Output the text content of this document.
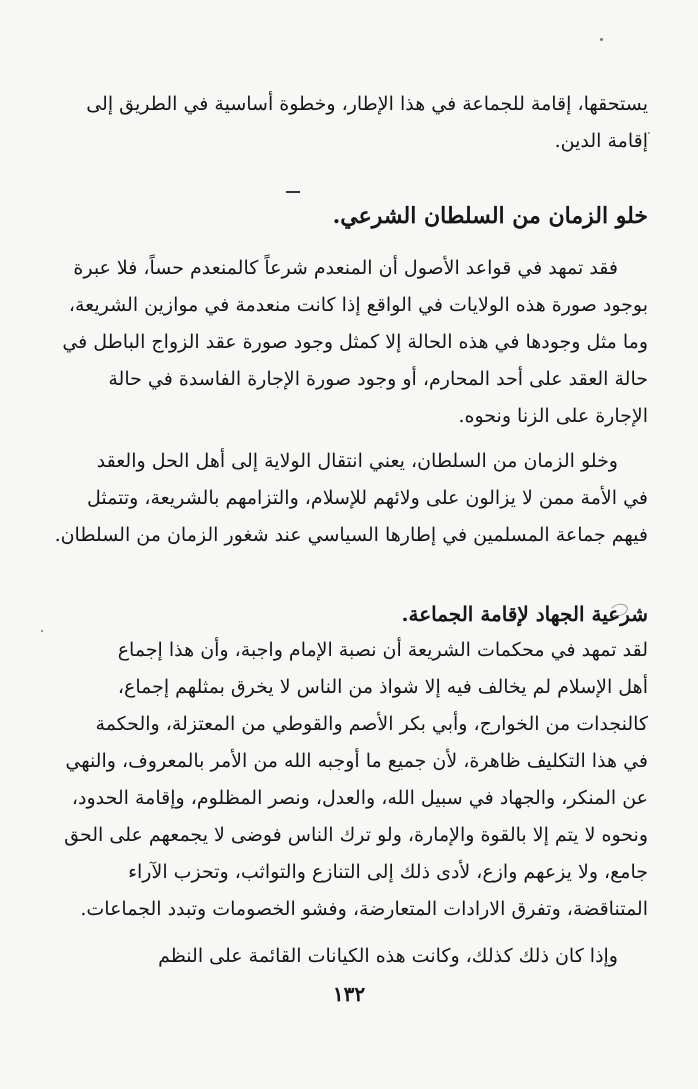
يستحقها، إقامة للجماعة في هذا الإطار، وخطوة أساسية في الطريق إلى

إقامة الدين.

خلو الزمان من السلطان الشرعي.

فقد تمهد في قواعد الأصول أن المنعدم شرعاً كالمنعدم حساً، فلا عبرة

بوجود صورة هذه الولايات في الواقع إذا كانت منعدمة في موازين الشريعة،

وما مثل وجودها في هذه الحالة إلا كمثل وجود صورة عقد الزواج الباطل في

حالة العقد على أحد المحارم، أو وجود صورة الإجارة الفاسدة في حالة

الإجارة على الزنا ونحوه.

وخلو الزمان من السلطان، يعني انتقال الولاية إلى أهل الحل والعقد

في الأمة ممن لا يزالون على ولائهم للإسلام، والتزامهم بالشريعة، وتتمثل

فيهم جماعة المسلمين في إطارها السياسي عند شغور الزمان من السلطان.

شرعية الجهاد لإقامة الجماعة.

لقد تمهد في محكمات الشريعة أن نصبة الإمام واجبة، وأن هذا إجماع

أهل الإسلام لم يخالف فيه إلا شواذ من الناس لا يخرق بمثلهم إجماع،

كالنجدات من الخوارج، وأبي بكر الأصم والقوطي من المعتزلة، والحكمة

في هذا التكليف ظاهرة، لأن جميع ما أوجبه الله من الأمر بالمعروف، والنهي

عن المنكر، والجهاد في سبيل الله، والعدل، ونصر المظلوم، وإقامة الحدود،

ونحوه لا يتم إلا بالقوة والإمارة، ولو ترك الناس فوضى لا يجمعهم على الحق

جامع، ولا يزعهم وازع، لأدى ذلك إلى التنازع والتواثب، وتحزب الآراء

المتناقضة، وتفرق الارادات المتعارضة، وفشو الخصومات وتبدد الجماعات.

وإذا كان ذلك كذلك، وكانت هذه الكيانات القائمة على النظم

١٣٢
